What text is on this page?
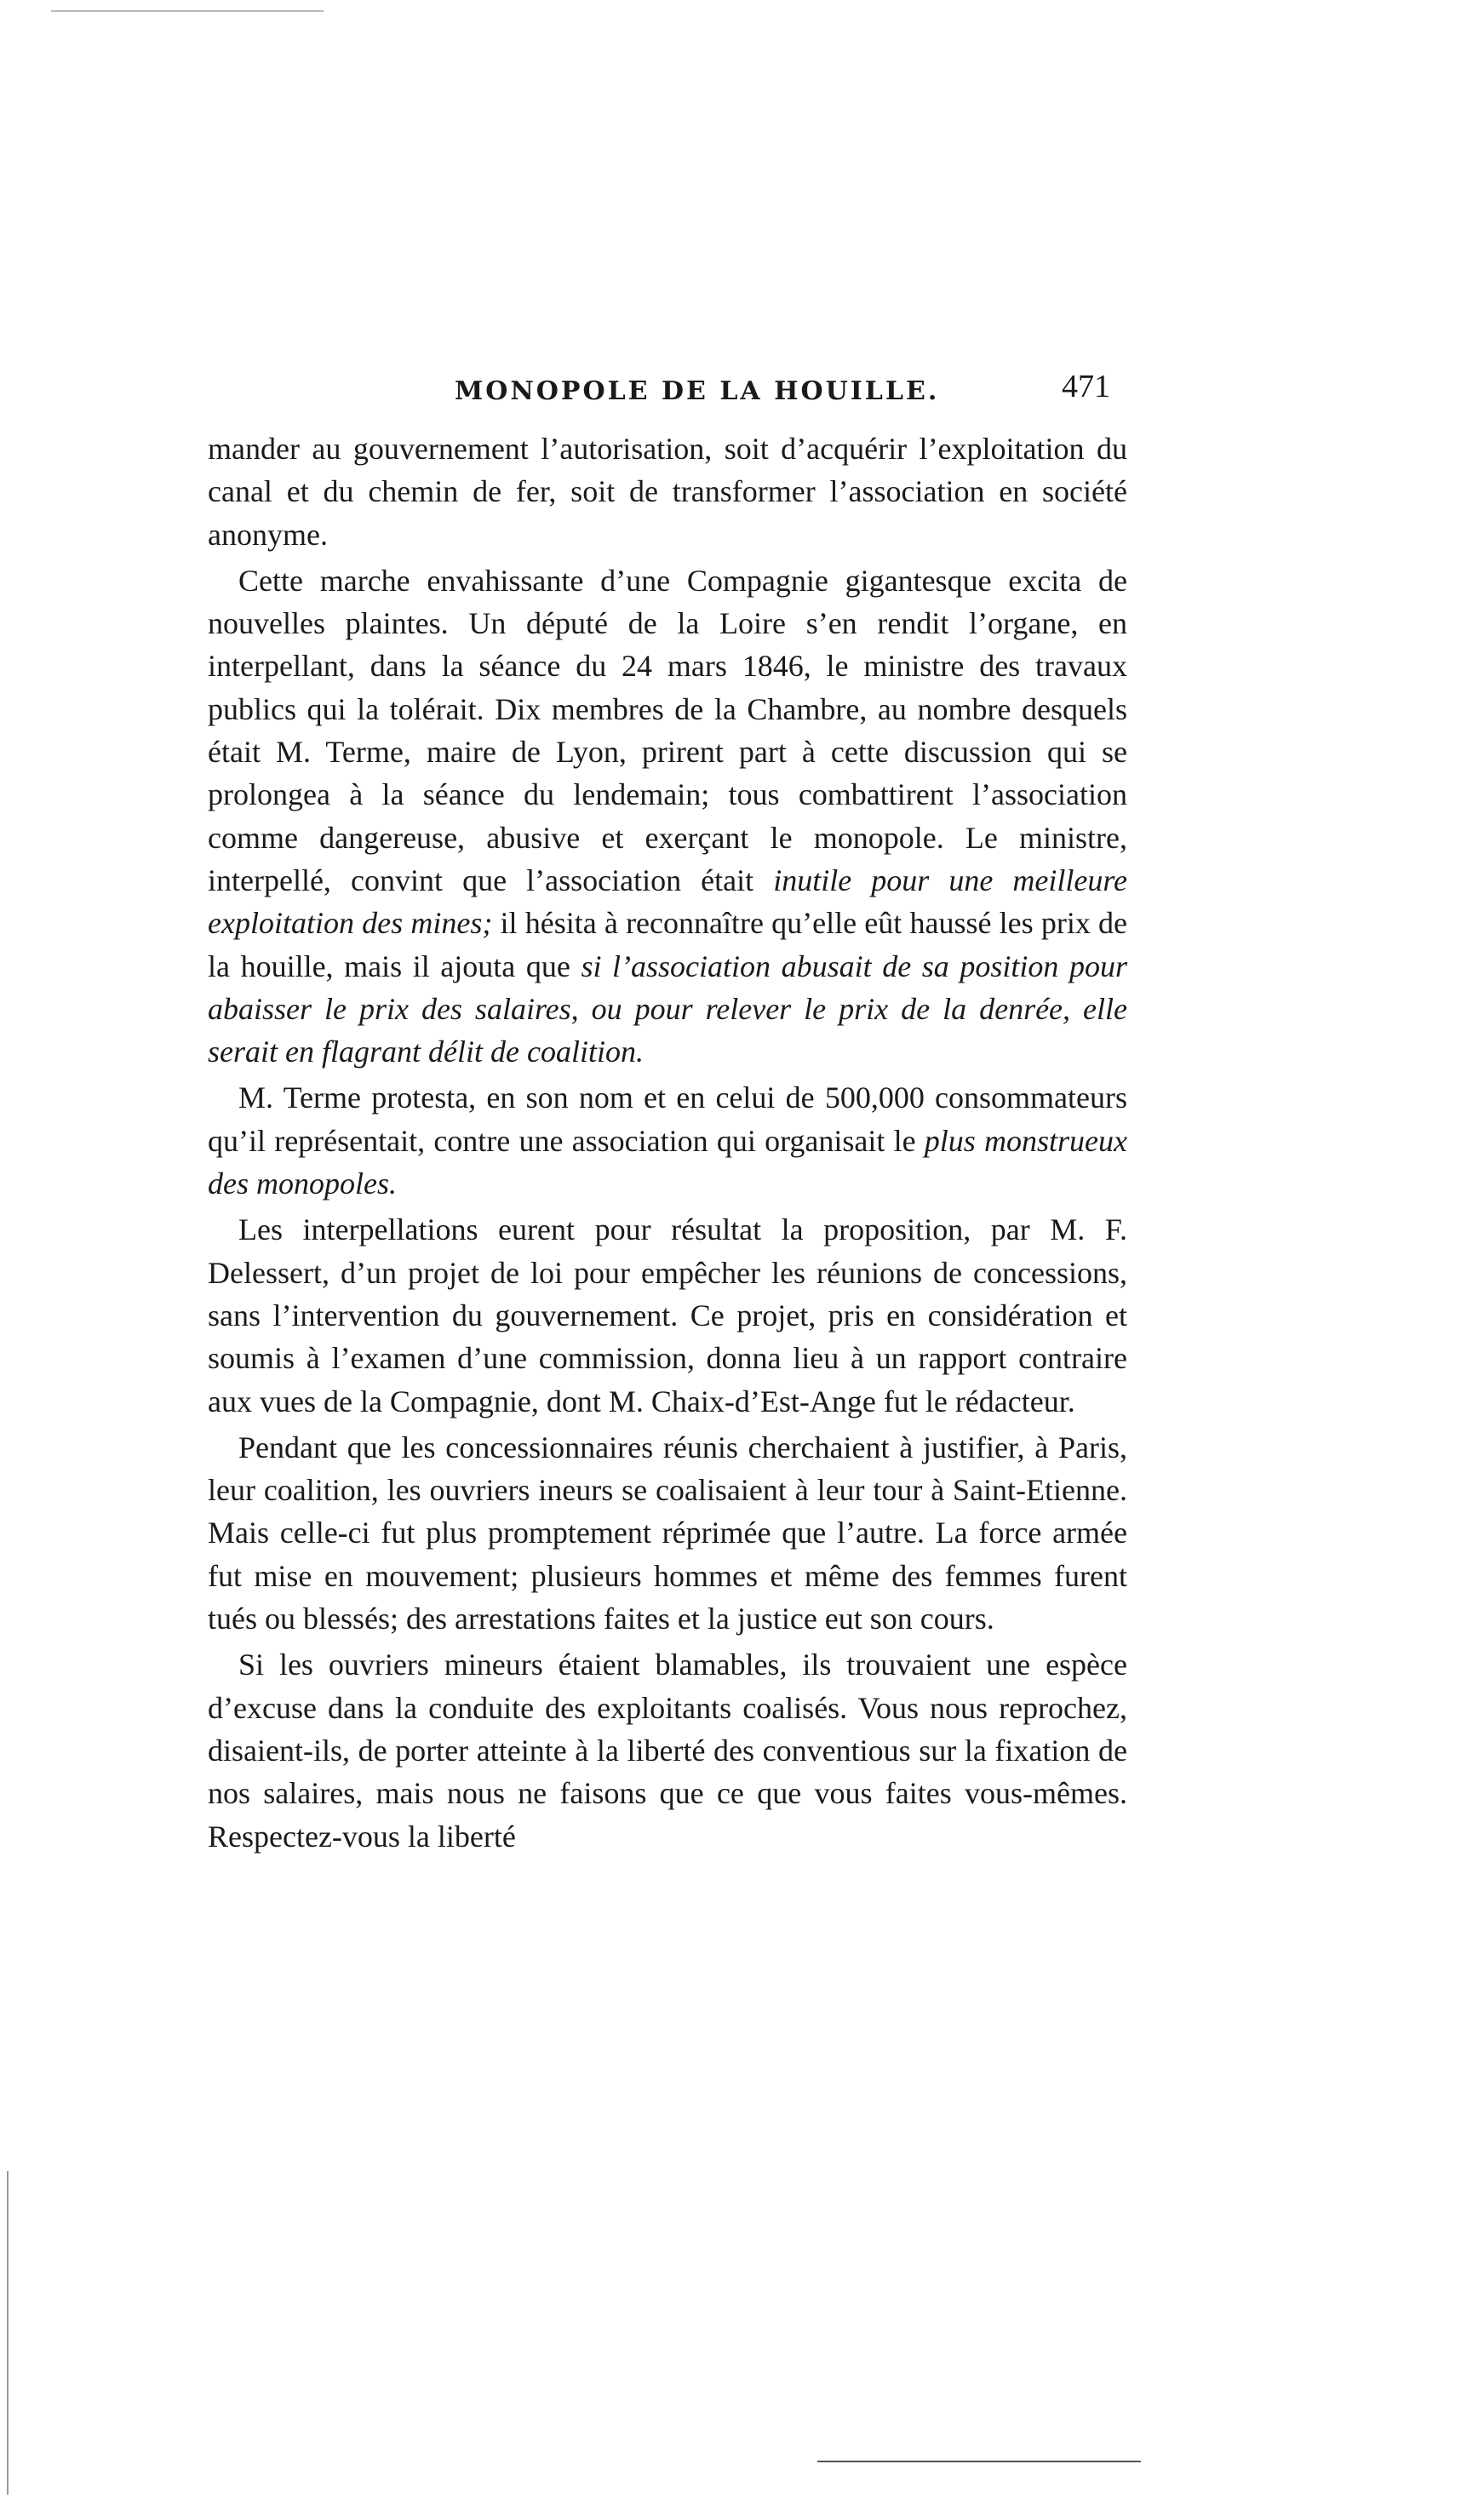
MONOPOLE DE LA HOUILLE.	471

mander au gouvernement l’autorisation, soit d’acquérir l’exploitation du canal et du chemin de fer, soit de transformer l’association en société anonyme.

Cette marche envahissante d’une Compagnie gigantesque excita de nouvelles plaintes. Un député de la Loire s’en rendit l’organe, en interpellant, dans la séance du 24 mars 1846, le ministre des travaux publics qui la tolérait. Dix membres de la Chambre, au nombre desquels était M. Terme, maire de Lyon, prirent part à cette discussion qui se prolongea à la séance du lendemain; tous combattirent l’association comme dangereuse, abusive et exerçant le monopole. Le ministre, interpellé, convint que l’association était inutile pour une meilleure exploitation des mines; il hésita à reconnaître qu’elle eût haussé les prix de la houille, mais il ajouta que si l’association abusait de sa position pour abaisser le prix des salaires, ou pour relever le prix de la denrée, elle serait en flagrant délit de coalition.

M. Terme protesta, en son nom et en celui de 500,000 consommateurs qu’il représentait, contre une association qui organisait le plus monstrueux des monopoles.

Les interpellations eurent pour résultat la proposition, par M. F. Delessert, d’un projet de loi pour empêcher les réunions de concessions, sans l’intervention du gouvernement. Ce projet, pris en considération et soumis à l’examen d’une commission, donna lieu à un rapport contraire aux vues de la Compagnie, dont M. Chaix-d’Est-Ange fut le rédacteur.

Pendant que les concessionnaires réunis cherchaient à justifier, à Paris, leur coalition, les ouvriers ineurs se coalisaient à leur tour à Saint-Etienne. Mais celle-ci fut plus promptement réprimée que l’autre. La force armée fut mise en mouvement; plusieurs hommes et même des femmes furent tués ou blessés; des arrestations faites et la justice eut son cours.

Si les ouvriers mineurs étaient blamables, ils trouvaient une espèce d’excuse dans la conduite des exploitants coalisés. Vous nous reprochez, disaient-ils, de porter atteinte à la liberté des conventious sur la fixation de nos salaires, mais nous ne faisons que ce que vous faites vous-mêmes. Respectez-vous la liberté
